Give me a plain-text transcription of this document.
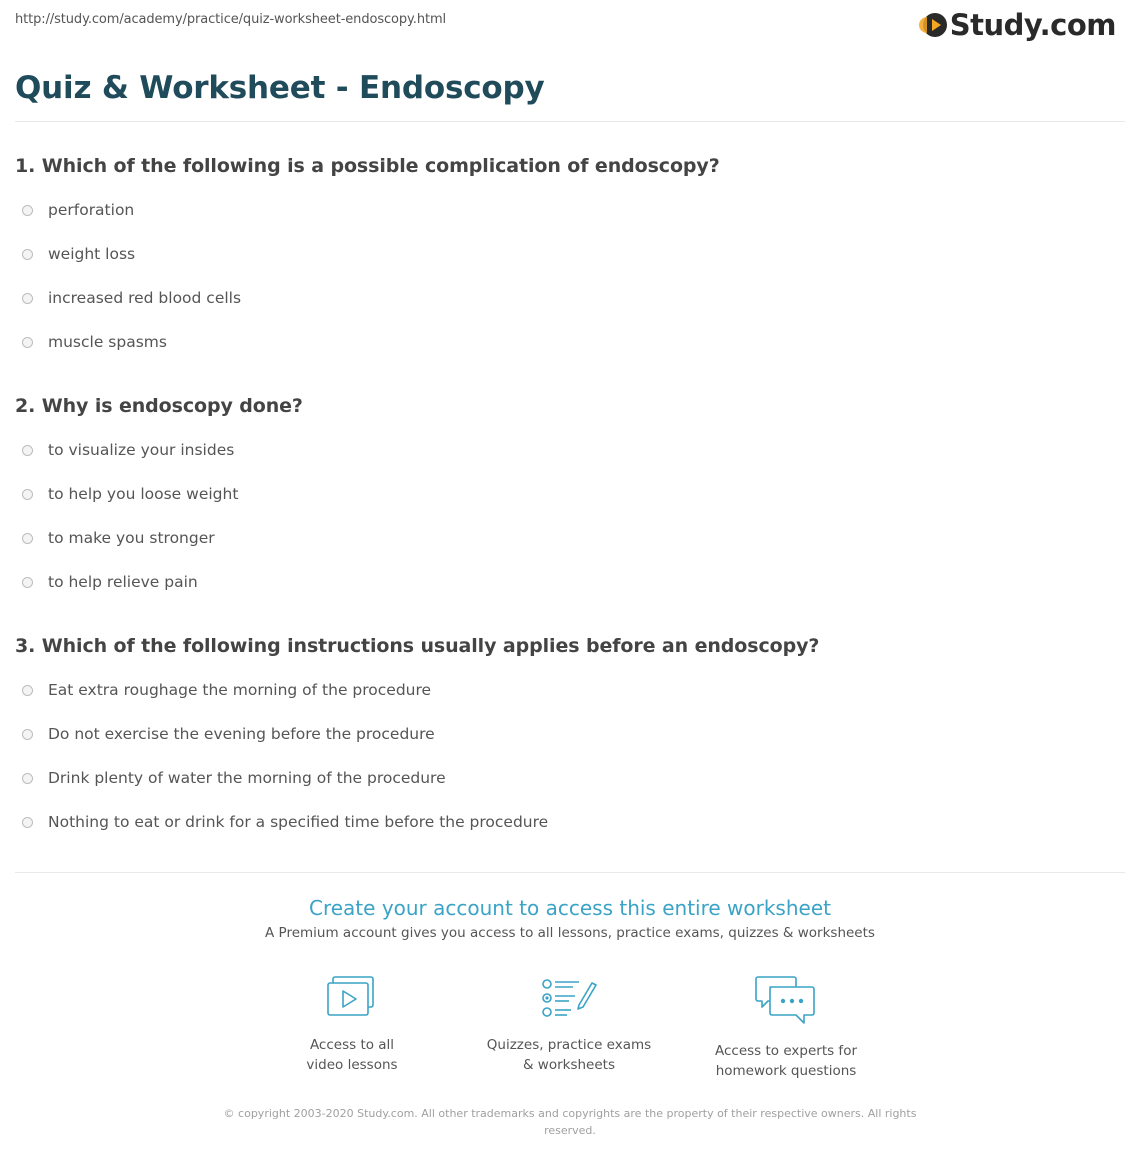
http://study.com/academy/practice/quiz-worksheet-endoscopy.html	Study.com
Quiz & Worksheet - Endoscopy
1. Which of the following is a possible complication of endoscopy?
perforation
weight loss
increased red blood cells
muscle spasms
2. Why is endoscopy done?
to visualize your insides
to help you loose weight
to make you stronger
to help relieve pain
3. Which of the following instructions usually applies before an endoscopy?
Eat extra roughage the morning of the procedure
Do not exercise the evening before the procedure
Drink plenty of water the morning of the procedure
Nothing to eat or drink for a specified time before the procedure
Create your account to access this entire worksheet
A Premium account gives you access to all lessons, practice exams, quizzes & worksheets
Access to all
video lessons
Quizzes, practice exams
& worksheets
Access to experts for
homework questions
© copyright 2003-2020 Study.com. All other trademarks and copyrights are the property of their respective owners. All rights reserved.
